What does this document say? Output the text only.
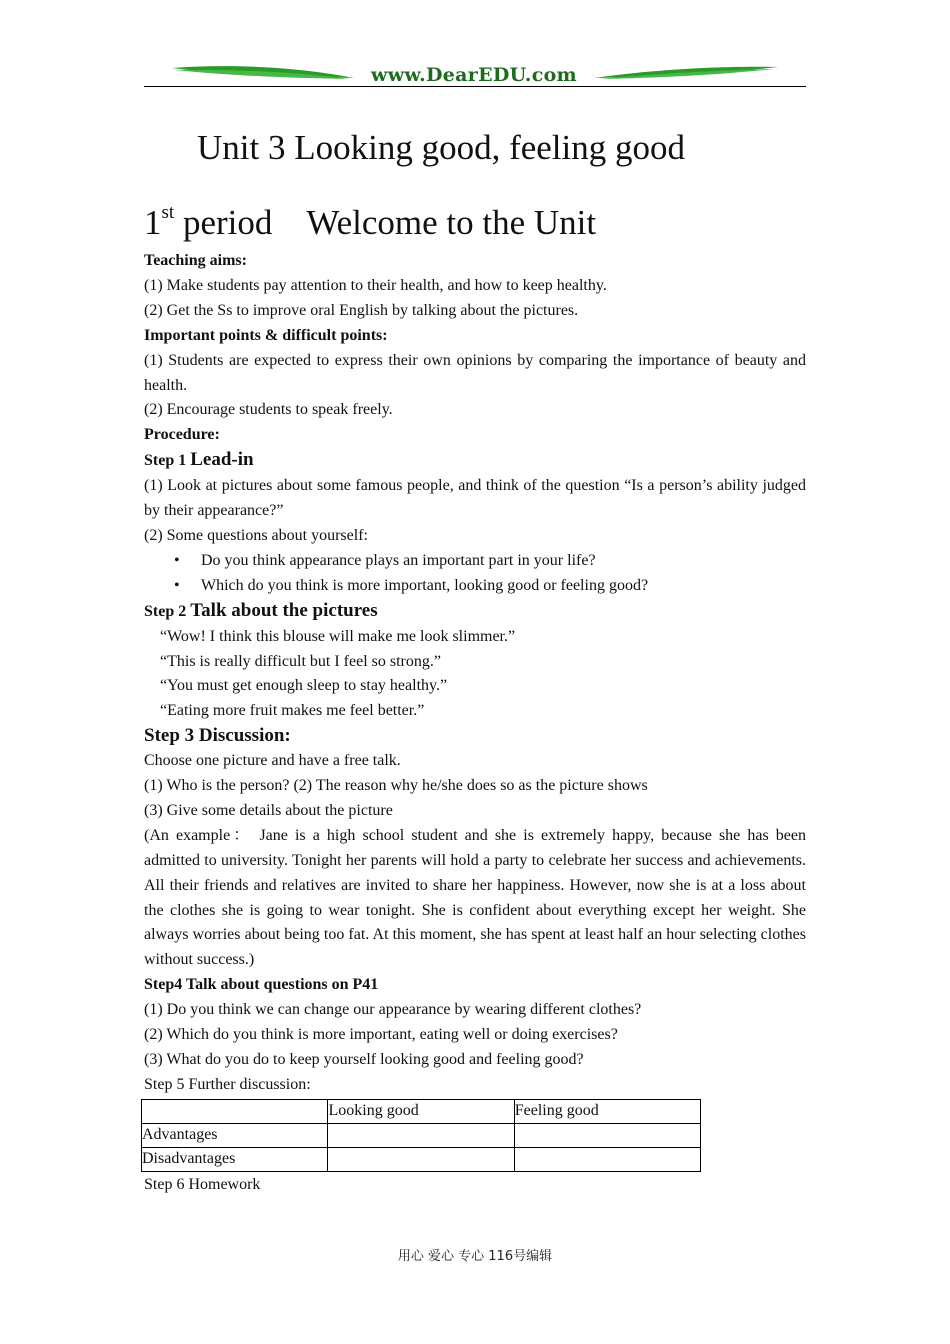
www.DearEDU.com
Unit 3 Looking good, feeling good
1st period Welcome to the Unit

Teaching aims:

(1) Make students pay attention to their health, and how to keep healthy.

(2) Get the Ss to improve oral English by talking about the pictures.

Important points & difficult points:

(1) Students are expected to express their own opinions by comparing the importance of beauty and health.

(2) Encourage students to speak freely.

Procedure:

Step 1 Lead-in

(1) Look at pictures about some famous people, and think of the question “Is a person’s ability judged by their appearance?”

(2) Some questions about yourself:

• Do you think appearance plays an important part in your life?

• Which do you think is more important, looking good or feeling good?

Step 2 Talk about the pictures

“Wow! I think this blouse will make me look slimmer.”

“This is really difficult but I feel so strong.”

“You must get enough sleep to stay healthy.”

“Eating more fruit makes me feel better.”

Step 3 Discussion:

Choose one picture and have a free talk.

(1) Who is the person? (2) The reason why he/she does so as the picture shows

(3) Give some details about the picture

(An example： Jane is a high school student and she is extremely happy, because she has been admitted to university. Tonight her parents will hold a party to celebrate her success and achievements. All their friends and relatives are invited to share her happiness. However, now she is at a loss about the clothes she is going to wear tonight. She is confident about everything except her weight. She always worries about being too fat. At this moment, she has spent at least half an hour selecting clothes without success.)

Step4 Talk about questions on P41

(1) Do you think we can change our appearance by wearing different clothes?

(2) Which do you think is more important, eating well or doing exercises?

(3) What do you do to keep yourself looking good and feeling good?

Step 5 Further discussion:

	Looking good	Feeling good
Advantages		
Disadvantages		

Step 6 Homework

用心 爱心 专心 116号编辑
